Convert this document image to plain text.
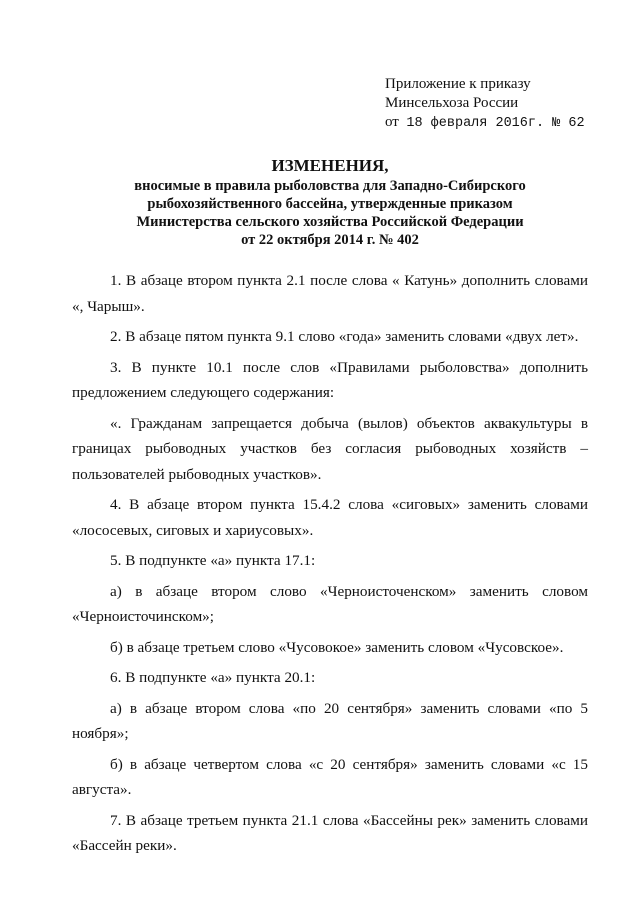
Приложение к приказу
Минсельхоза России
от 18 февраля 2016г. № 62
ИЗМЕНЕНИЯ,
вносимые в правила рыболовства для Западно-Сибирского
рыбохозяйственного бассейна, утвержденные приказом
Министерства сельского хозяйства Российской Федерации
от 22 октября 2014 г. № 402

1. В абзаце втором пункта 2.1 после слова « Катунь» дополнить словами «, Чарыш».

2. В абзаце пятом пункта 9.1 слово «года» заменить словами «двух лет».

3. В пункте 10.1 после слов «Правилами рыболовства» дополнить предложением следующего содержания:

«. Гражданам запрещается добыча (вылов) объектов аквакультуры в границах рыбоводных участков без согласия рыбоводных хозяйств – пользователей рыбоводных участков».

4. В абзаце втором пункта 15.4.2 слова «сиговых» заменить словами «лососевых, сиговых и хариусовых».

5. В подпункте «а» пункта 17.1:

а) в абзаце втором слово «Черноисточенском» заменить словом «Черноисточинском»;

б) в абзаце третьем слово «Чусовокое» заменить словом «Чусовское».

6. В подпункте «а» пункта 20.1:

а) в абзаце втором слова «по 20 сентября» заменить словами «по 5 ноября»;

б) в абзаце четвертом слова «с 20 сентября» заменить словами «с 15 августа».

7. В абзаце третьем пункта 21.1 слова «Бассейны рек» заменить словами «Бассейн реки».
